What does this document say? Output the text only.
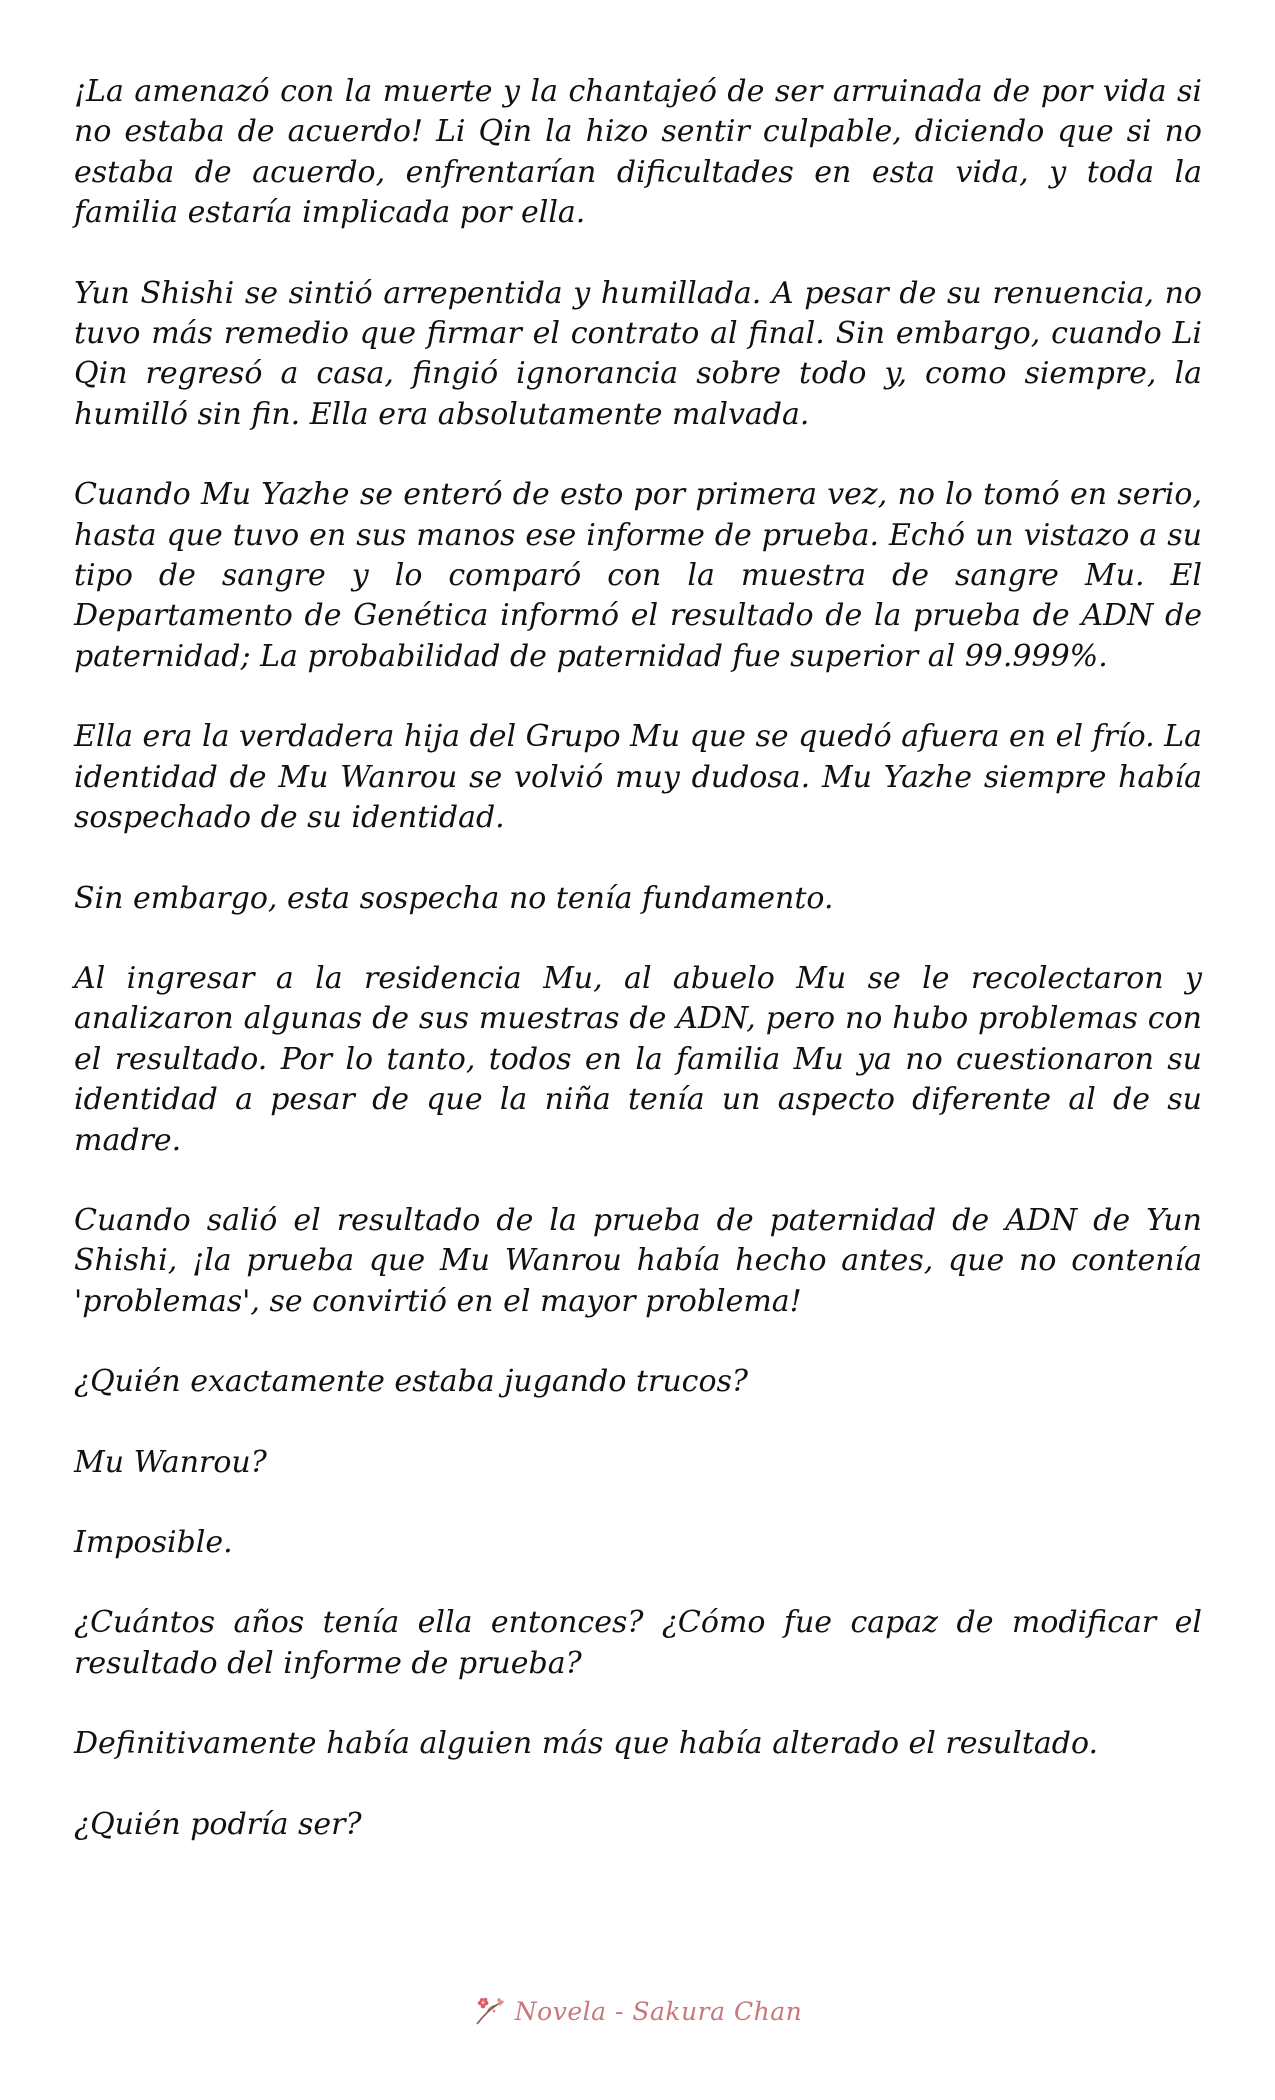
¡La amenazó con la muerte y la chantajeó de ser arruinada de por vida si no estaba de acuerdo! Li Qin la hizo sentir culpable, diciendo que si no estaba de acuerdo, enfrentarían dificultades en esta vida, y toda la familia estaría implicada por ella.

Yun Shishi se sintió arrepentida y humillada. A pesar de su renuencia, no tuvo más remedio que firmar el contrato al final. Sin embargo, cuando Li Qin regresó a casa, fingió ignorancia sobre todo y, como siempre, la humilló sin fin. Ella era absolutamente malvada.

Cuando Mu Yazhe se enteró de esto por primera vez, no lo tomó en serio, hasta que tuvo en sus manos ese informe de prueba. Echó un vistazo a su tipo de sangre y lo comparó con la muestra de sangre Mu. El Departamento de Genética informó el resultado de la prueba de ADN de paternidad; La probabilidad de paternidad fue superior al 99.999%.

Ella era la verdadera hija del Grupo Mu que se quedó afuera en el frío. La identidad de Mu Wanrou se volvió muy dudosa. Mu Yazhe siempre había sospechado de su identidad.

Sin embargo, esta sospecha no tenía fundamento.

Al ingresar a la residencia Mu, al abuelo Mu se le recolectaron y analizaron algunas de sus muestras de ADN, pero no hubo problemas con el resultado. Por lo tanto, todos en la familia Mu ya no cuestionaron su identidad a pesar de que la niña tenía un aspecto diferente al de su madre.

Cuando salió el resultado de la prueba de paternidad de ADN de Yun Shishi, ¡la prueba que Mu Wanrou había hecho antes, que no contenía 'problemas', se convirtió en el mayor problema!

¿Quién exactamente estaba jugando trucos?

Mu Wanrou?

Imposible.

¿Cuántos años tenía ella entonces? ¿Cómo fue capaz de modificar el resultado del informe de prueba?

Definitivamente había alguien más que había alterado el resultado.

¿Quién podría ser?

Novela - Sakura Chan
